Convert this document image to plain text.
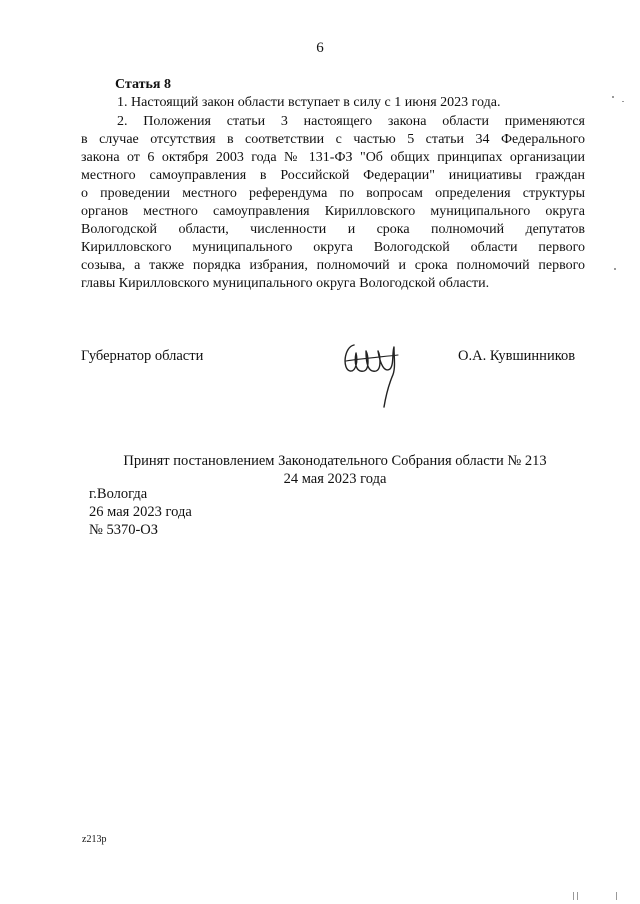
6
Статья 8
1. Настоящий закон области вступает в силу с 1 июня 2023 года.
2. Положения статьи 3 настоящего закона области применяются
в случае отсутствия в соответствии с частью 5 статьи 34 Федерального
закона от 6 октября 2003 года № 131-ФЗ "Об общих принципах организации
местного самоуправления в Российской Федерации" инициативы граждан
о проведении местного референдума по вопросам определения структуры
органов местного самоуправления Кирилловского муниципального округа
Вологодской области, численности и срока полномочий депутатов
Кирилловского муниципального округа Вологодской области первого
созыва, а также порядка избрания, полномочий и срока полномочий первого
главы Кирилловского муниципального округа Вологодской области.
Губернатор области	О.А. Кувшинников
Принят постановлением Законодательного Собрания области № 213
24 мая 2023 года
г.Вологда
26 мая 2023 года
№ 5370-ОЗ
z213р
